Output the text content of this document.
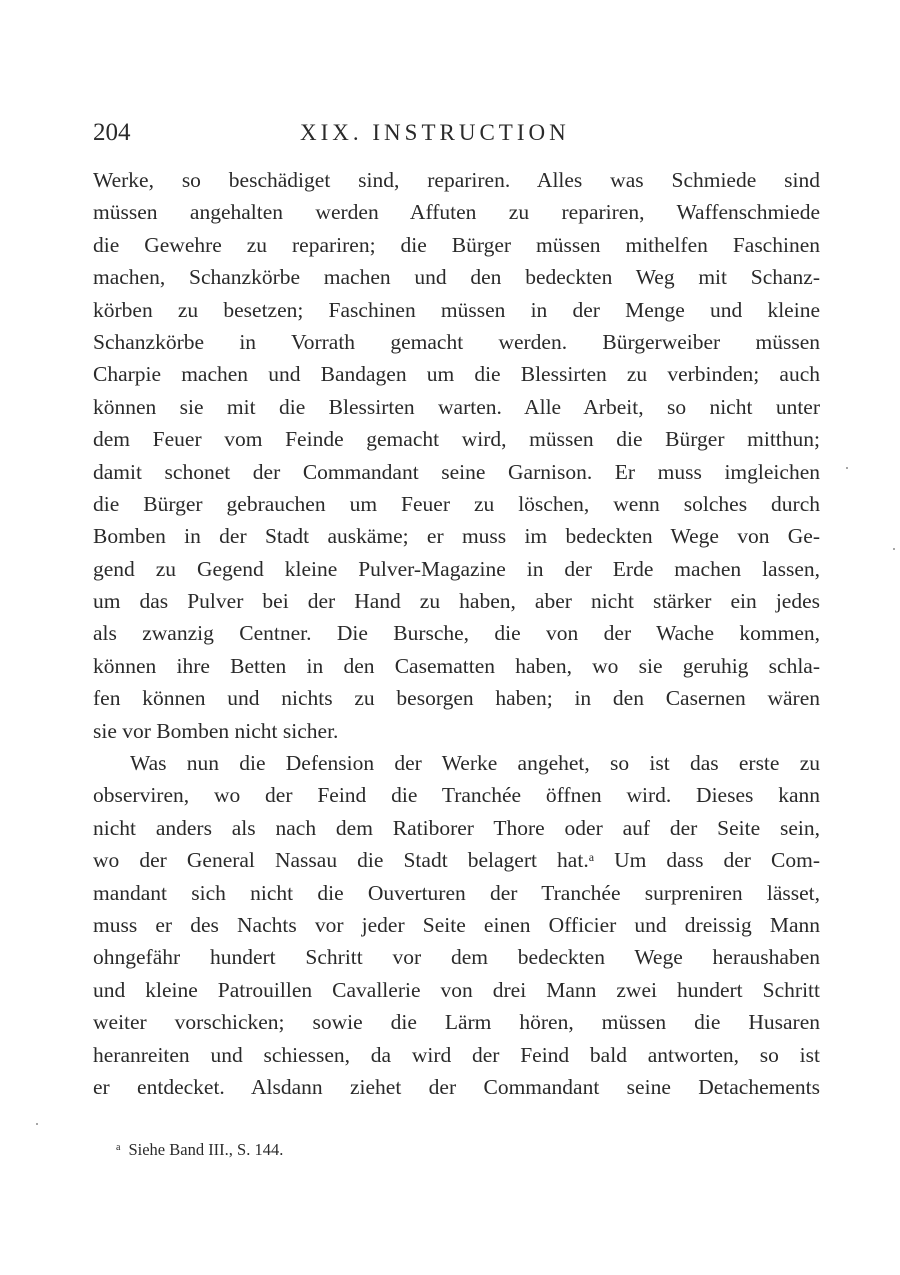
204	XIX. INSTRUCTION
Werke, so beschädiget sind, repariren. Alles was Schmiede sind
müssen angehalten werden Affuten zu repariren, Waffenschmiede
die Gewehre zu repariren; die Bürger müssen mithelfen Faschinen
machen, Schanzkörbe machen und den bedeckten Weg mit Schanz-
körben zu besetzen; Faschinen müssen in der Menge und kleine
Schanzkörbe in Vorrath gemacht werden. Bürgerweiber müssen
Charpie machen und Bandagen um die Blessirten zu verbinden; auch
können sie mit die Blessirten warten. Alle Arbeit, so nicht unter
dem Feuer vom Feinde gemacht wird, müssen die Bürger mitthun;
damit schonet der Commandant seine Garnison. Er muss imgleichen
die Bürger gebrauchen um Feuer zu löschen, wenn solches durch
Bomben in der Stadt auskäme; er muss im bedeckten Wege von Ge-
gend zu Gegend kleine Pulver-Magazine in der Erde machen lassen,
um das Pulver bei der Hand zu haben, aber nicht stärker ein jedes
als zwanzig Centner. Die Bursche, die von der Wache kommen,
können ihre Betten in den Casematten haben, wo sie geruhig schla-
fen können und nichts zu besorgen haben; in den Casernen wären
sie vor Bomben nicht sicher.
Was nun die Defension der Werke angehet, so ist das erste zu
observiren, wo der Feind die Tranchée öffnen wird. Dieses kann
nicht anders als nach dem Ratiborer Thore oder auf der Seite sein,
wo der General Nassau die Stadt belagert hat.$^a$ Um dass der Com-
mandant sich nicht die Ouverturen der Tranchée surpreniren lässet,
muss er des Nachts vor jeder Seite einen Officier und dreissig Mann
ohngefähr hundert Schritt vor dem bedeckten Wege heraushaben
und kleine Patrouillen Cavallerie von drei Mann zwei hundert Schritt
weiter vorschicken; sowie die Lärm hören, müssen die Husaren
heranreiten und schiessen, da wird der Feind bald antworten, so ist
er entdecket. Alsdann ziehet der Commandant seine Detachements
$^a$ Siehe Band III., S. 144.
